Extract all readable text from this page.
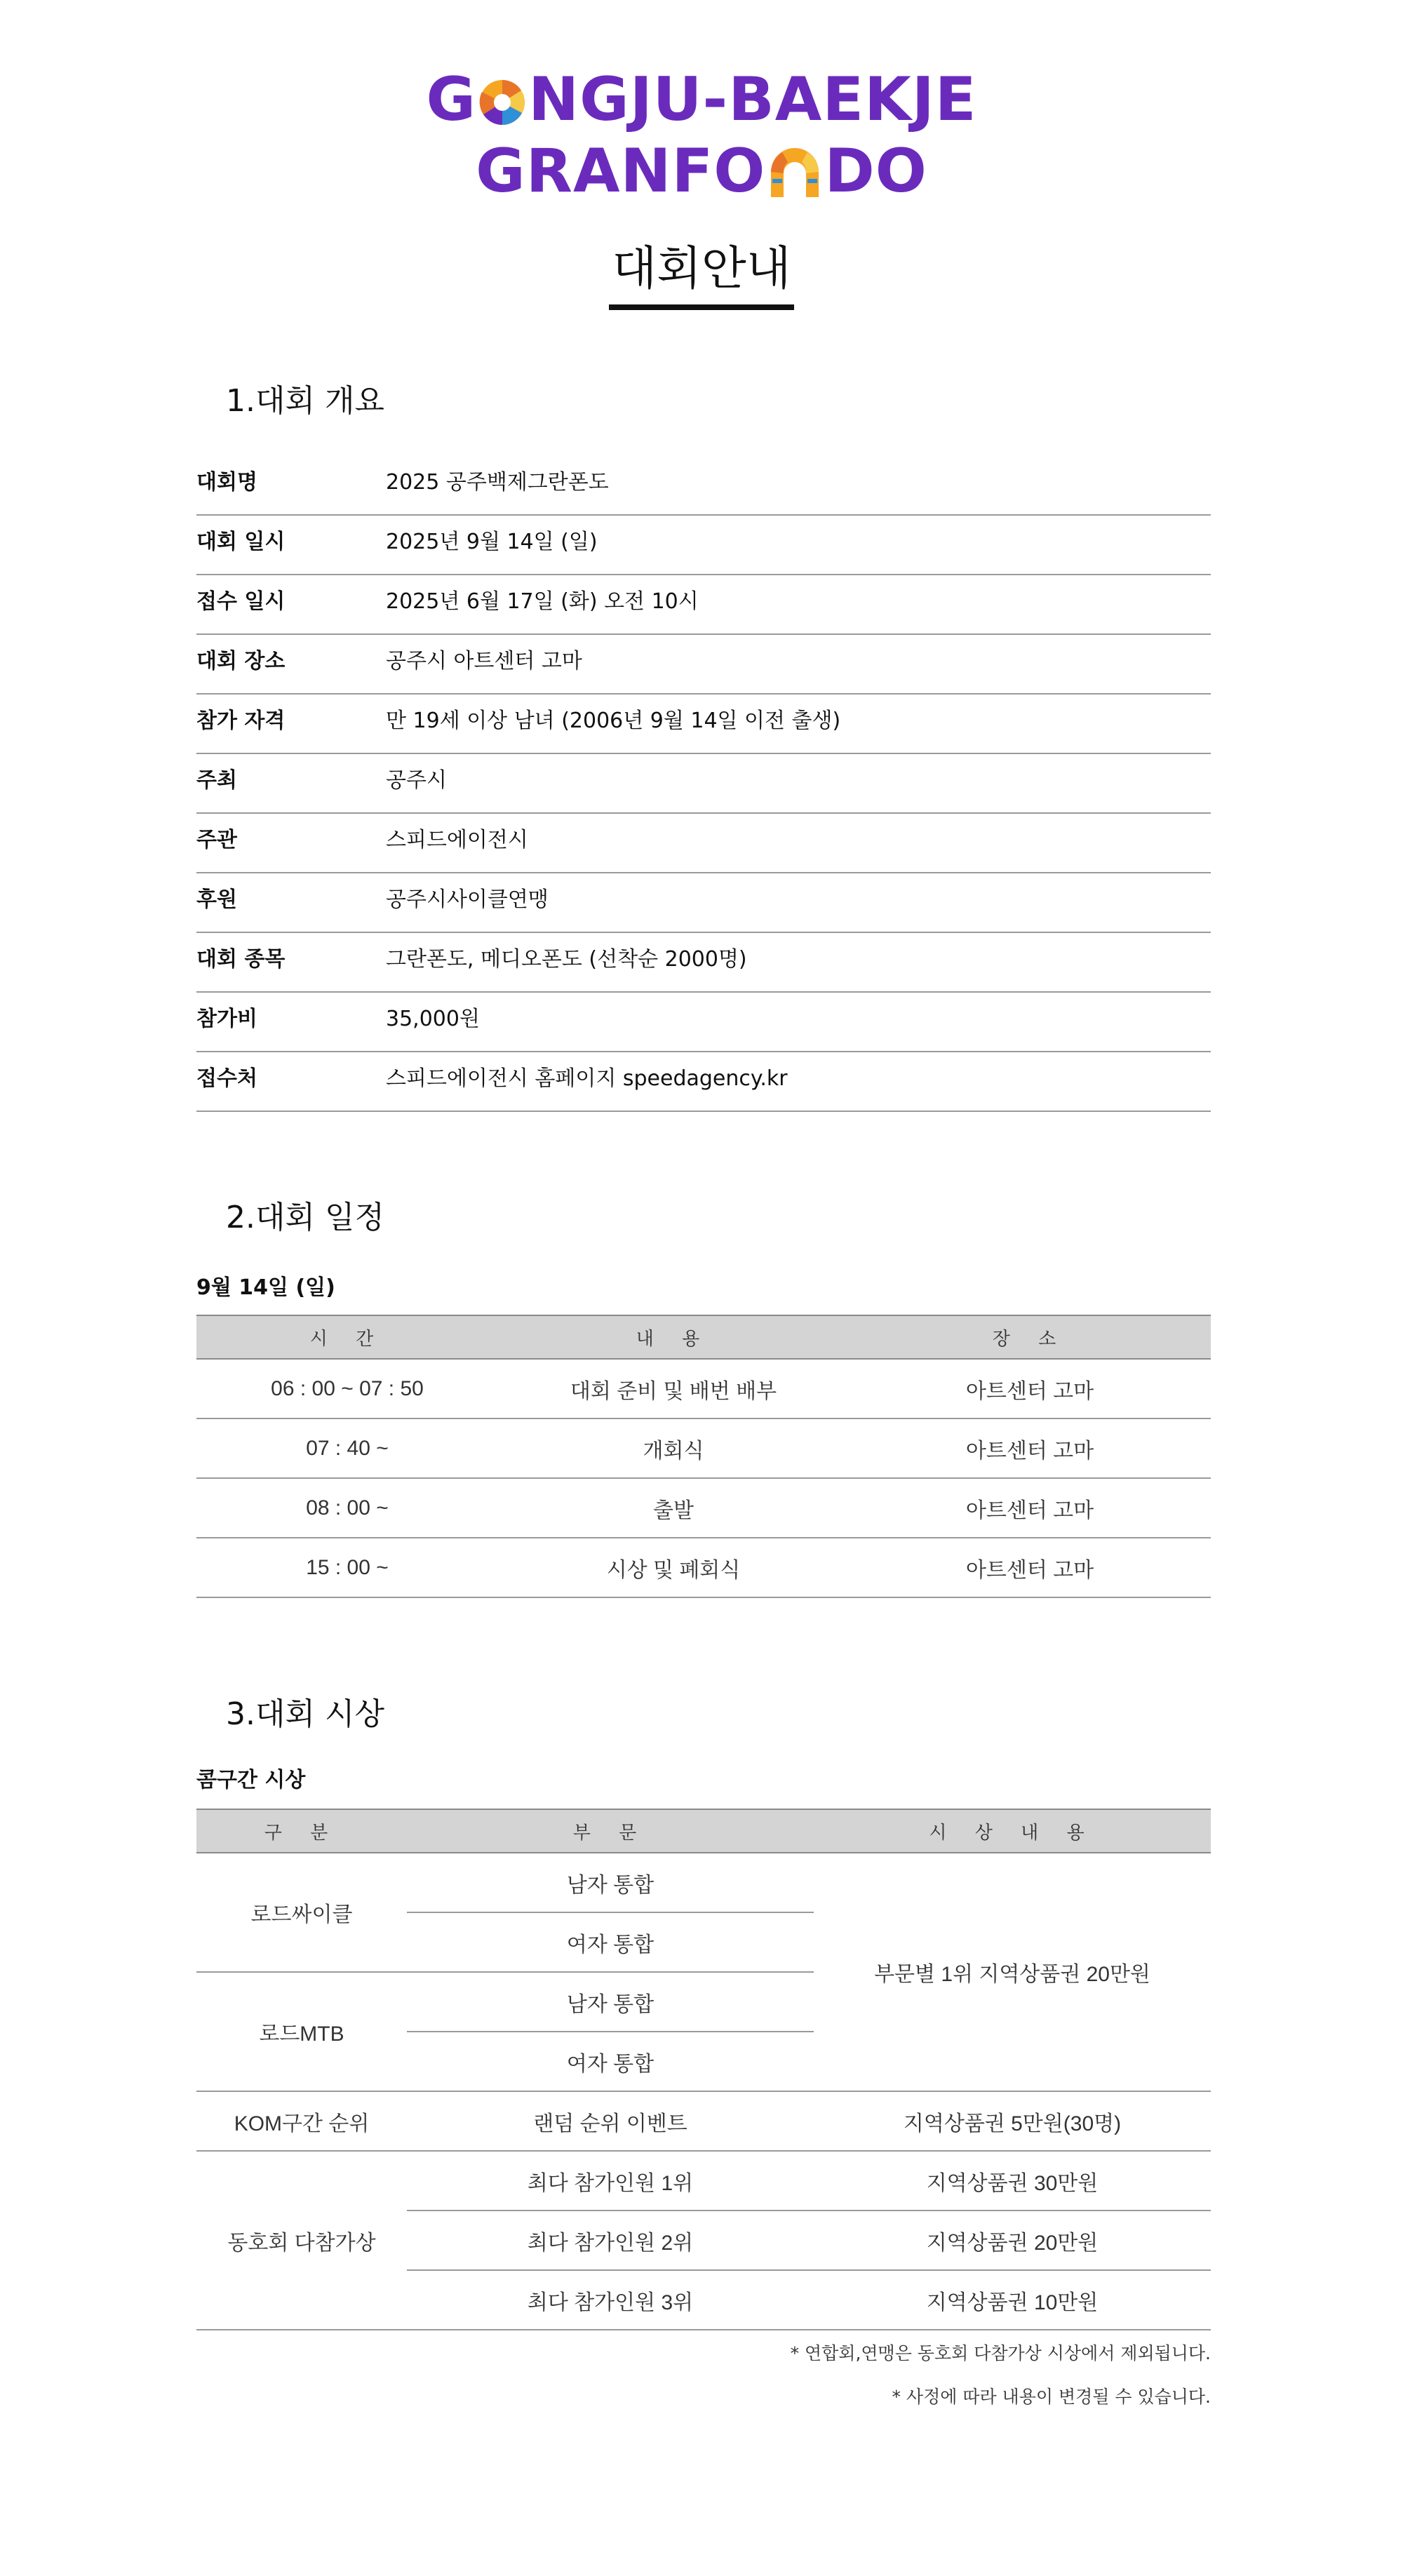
G NGJU-BAEKJE
GRANFO DO
대회안내
1.대회 개요
대회명	2025 공주백제그란폰도
대회 일시	2025년 9월 14일 (일)
접수 일시	2025년 6월 17일 (화) 오전 10시
대회 장소	공주시 아트센터 고마
참가 자격	만 19세 이상 남녀 (2006년 9월 14일 이전 출생)
주최	공주시
주관	스피드에이전시
후원	공주시사이클연맹
대회 종목	그란폰도, 메디오폰도 (선착순 2000명)
참가비	35,000원
접수처	스피드에이전시 홈페이지 speedagency.kr
2.대회 일정
9월 14일 (일)
시 간	내 용	장 소
06 : 00 ~ 07 : 50	대회 준비 및 배번 배부	아트센터 고마
07 : 40 ~	개회식	아트센터 고마
08 : 00 ~	출발	아트센터 고마
15 : 00 ~	시상 및 폐회식	아트센터 고마
3.대회 시상
콤구간 시상
구 분	부 문	시 상 내 용
로드싸이클	남자 통합	부문별 1위 지역상품권 20만원
	여자 통합	
로드MTB	남자 통합	
	여자 통합	
KOM구간 순위	랜덤 순위 이벤트	지역상품권 5만원(30명)
동호회 다참가상	최다 참가인원 1위	지역상품권 30만원
	최다 참가인원 2위	지역상품권 20만원
	최다 참가인원 3위	지역상품권 10만원
* 연합회,연맹은 동호회 다참가상 시상에서 제외됩니다.
* 사정에 따라 내용이 변경될 수 있습니다.
